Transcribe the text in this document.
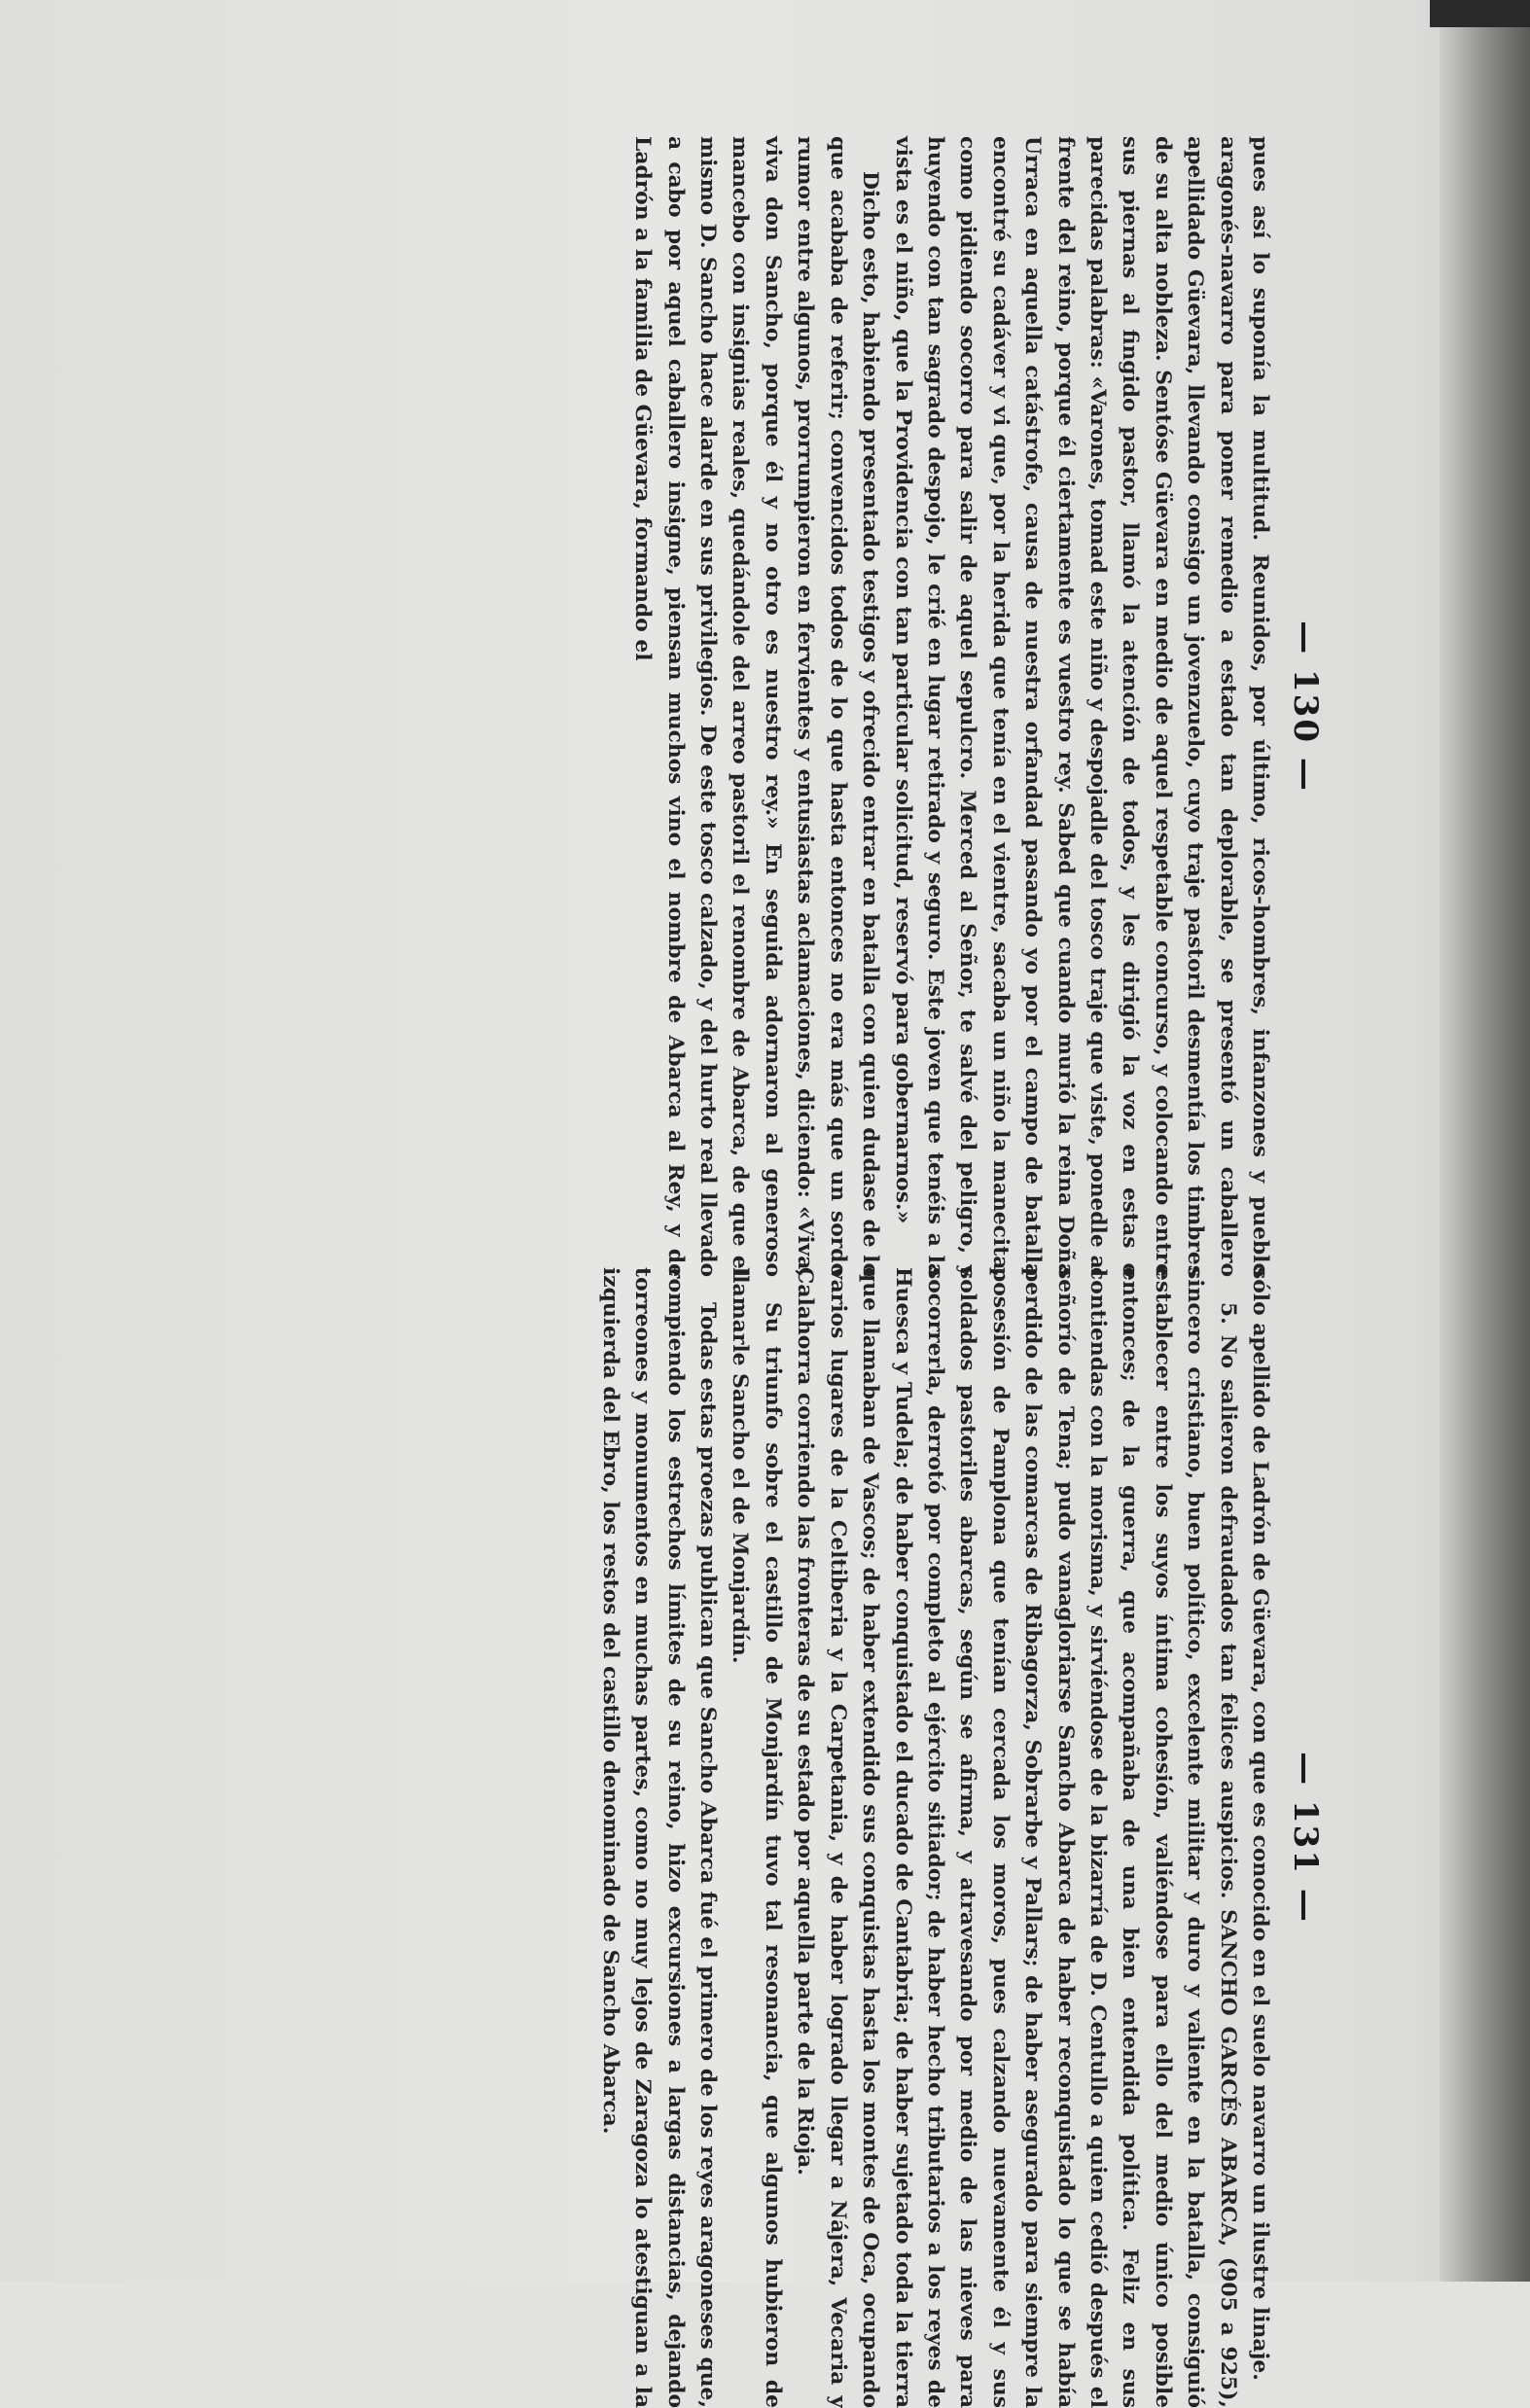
— 130 —

pues así lo suponía la multitud. Reunidos, por último, ricos-hombres, infanzones y pueblo aragonés-navarro para poner remedio a estado tan deplorable, se presentó un caballero apellidado Güevara, llevando consigo un jovenzuelo, cuyo traje pastoril desmentía los timbres de su alta nobleza. Sentóse Güevara en medio de aquel respetable concurso, y colocando entre sus piernas al fingido pastor, llamó la atención de todos, y les dirigió la voz en estas o parecidas palabras: «Varones, tomad este niño y despojadle del tosco traje que viste, ponedle al frente del reino, porque él ciertamente es vuestro rey. Sabed que cuando murió la reina Doña Urraca en aquella catástrofe, causa de nuestra orfandad pasando yo por el campo de batalla encontré su cadáver y vi que, por la herida que tenía en el vientre, sacaba un niño la manecita, como pidiendo socorro para salir de aquel sepulcro. Merced al Señor, te salvé del peligro, y huyendo con tan sagrado despojo, le crié en lugar retirado y seguro. Este joven que tenéis a la vista es el niño, que la Providencia con tan particular solicitud, reservó para gobernarnos.»

Dicho esto, habiendo presentado testigos y ofrecido entrar en batalla con quien dudase de lo que acababa de referir; convencidos todos de lo que hasta entonces no era más que un sordo rumor entre algunos, prorrumpieron en fervientes y entusiastas aclamaciones, diciendo: «Viva, viva don Sancho, porque él y no otro es nuestro rey.» En seguida adornaron al generoso mancebo con insignias reales, quedándole del arreo pastoril el renombre de Abarca, de que el mismo D. Sancho hace alarde en sus privilegios. De este tosco calzado, y del hurto real llevado a cabo por aquel caballero insigne, piensan muchos vino el nombre de Abarca al Rey, y de Ladrón a la familia de Güevara, formando el

— 131 —

sólo apellido de Ladrón de Güevara, con que es conocido en el suelo navarro un ilustre linaje.

5. No salieron defraudados tan felices auspicios. SANCHO GARCÉS ABARCA, (905 a 925), sincero cristiano, buen político, excelente militar y duro y valiente en la batalla, consiguió establecer entre los suyos íntima cohesión, valiéndose para ello del medio único posible entonces; de la guerra, que acompañaba de una bien entendida política. Feliz en sus contiendas con la morisma, y sirviéndose de la bizarría de D. Centullo a quien cedió después el señorío de Tena; pudo vanagloriarse Sancho Abarca de haber reconquistado lo que se había perdido de las comarcas de Ribagorza, Sobrarbe y Pallars; de haber asegurado para siempre la posesión de Pamplona que tenían cercada los moros, pues calzando nuevamente él y sus soldados pastoriles abarcas, según se afirma, y atravesando por medio de las nieves para socorrerla, derrotó por completo al ejército sitiador; de haber hecho tributarios a los reyes de Huesca y Tudela; de haber conquistado el ducado de Cantabria; de haber sujetado toda la tierra que llamaban de Vascos; de haber extendido sus conquistas hasta los montes de Oca, ocupando varios lugares de la Celtiberia y la Carpetania, y de haber logrado llegar a Nájera, Vecaria y Calahorra corriendo las fronteras de su estado por aquella parte de la Rioja.

Su triunfo sobre el castillo de Monjardín tuvo tal resonancia, que algunos hubieron de llamarle Sancho el de Monjardín.

Todas estas proezas publican que Sancho Abarca fué el primero de los reyes aragoneses que, rompiendo los estrechos límites de su reino, hizo excursiones a largas distancias, dejando torreones y monumentos en muchas partes, como no muy lejos de Zaragoza lo atestiguan a la izquierda del Ebro, los restos del castillo denominado de Sancho Abarca.
